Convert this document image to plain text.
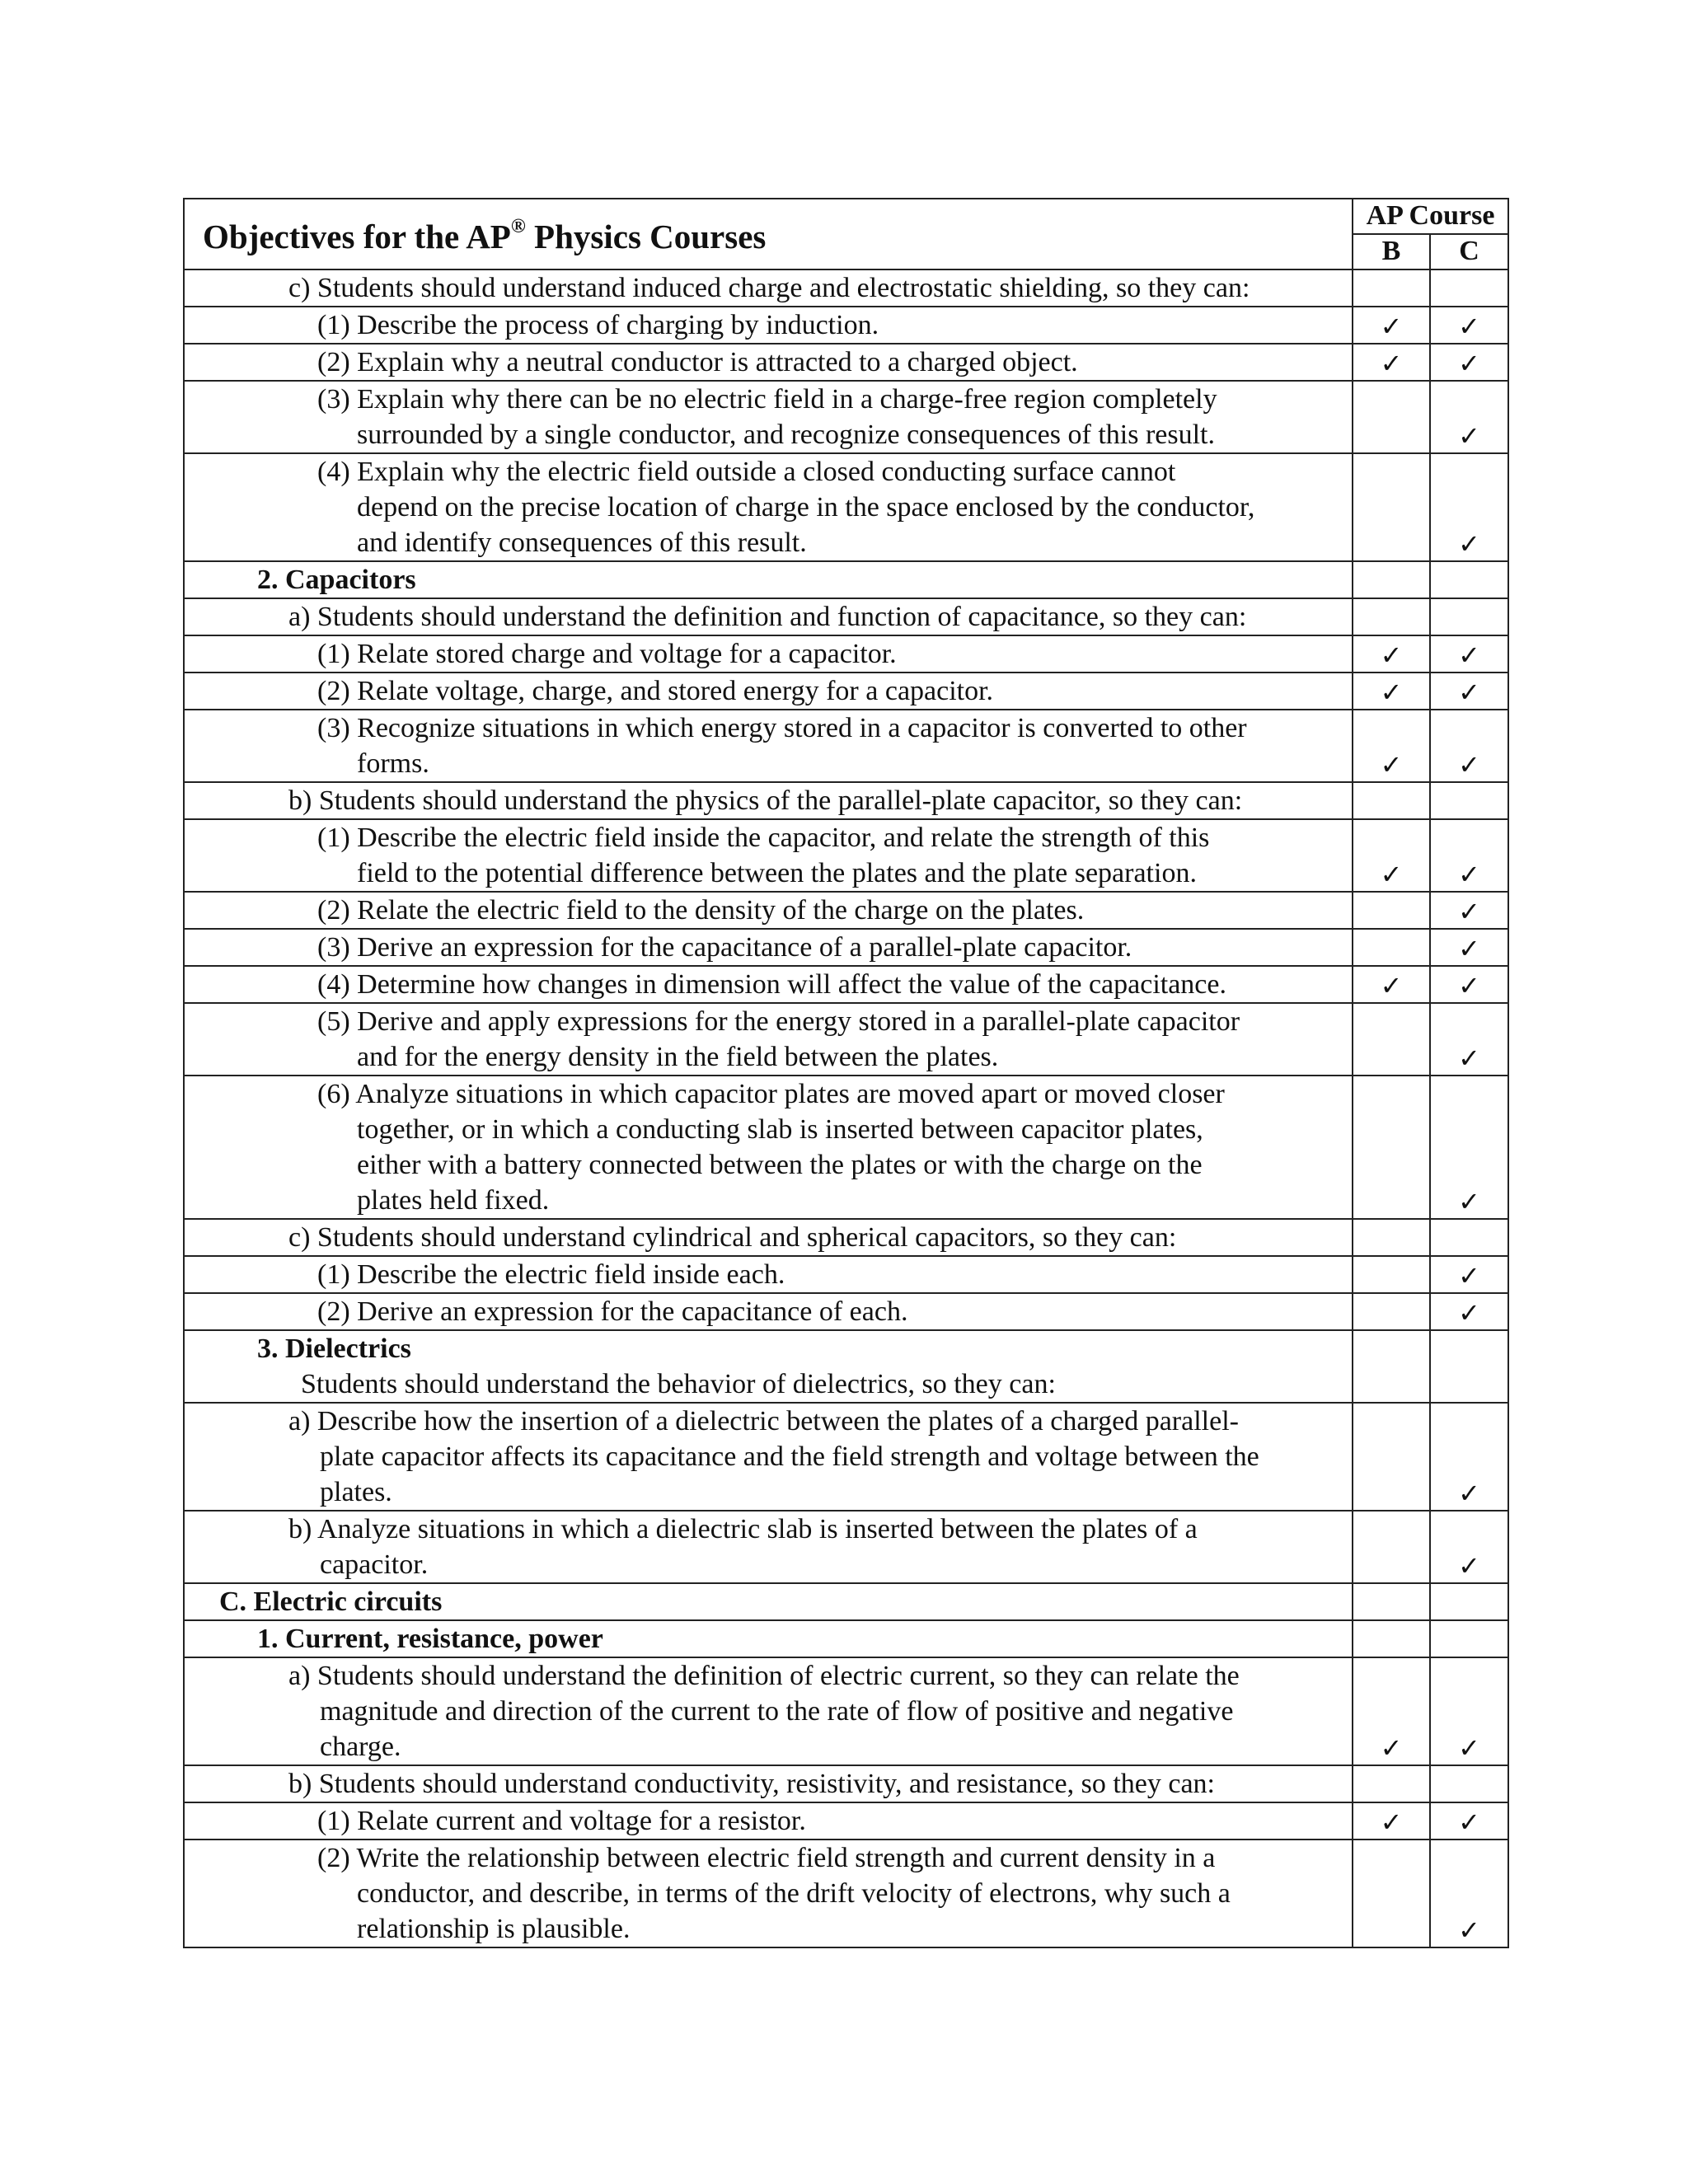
Objectives for the AP® Physics Courses	AP Course	
	B	C

c) Students should understand induced charge and electrostatic shielding, so they can:		

(1) Describe the process of charging by induction.	✓	✓

(2) Explain why a neutral conductor is attracted to a charged object.	✓	✓

(3) Explain why there can be no electric field in a charge-free region completely
surrounded by a single conductor, and recognize consequences of this result.		✓

(4) Explain why the electric field outside a closed conducting surface cannot
depend on the precise location of charge in the space enclosed by the conductor,
and identify consequences of this result.		✓

2. Capacitors		

a) Students should understand the definition and function of capacitance, so they can:		

(1) Relate stored charge and voltage for a capacitor.	✓	✓

(2) Relate voltage, charge, and stored energy for a capacitor.	✓	✓

(3) Recognize situations in which energy stored in a capacitor is converted to other
forms.	✓	✓

b) Students should understand the physics of the parallel-plate capacitor, so they can:		

(1) Describe the electric field inside the capacitor, and relate the strength of this
field to the potential difference between the plates and the plate separation.	✓	✓

(2) Relate the electric field to the density of the charge on the plates.		✓

(3) Derive an expression for the capacitance of a parallel-plate capacitor.		✓

(4) Determine how changes in dimension will affect the value of the capacitance.	✓	✓

(5) Derive and apply expressions for the energy stored in a parallel-plate capacitor
and for the energy density in the field between the plates.		✓

(6) Analyze situations in which capacitor plates are moved apart or moved closer
together, or in which a conducting slab is inserted between capacitor plates,
either with a battery connected between the plates or with the charge on the
plates held fixed.		✓

c) Students should understand cylindrical and spherical capacitors, so they can:		

(1) Describe the electric field inside each.		✓

(2) Derive an expression for the capacitance of each.		✓

3. Dielectrics
Students should understand the behavior of dielectrics, so they can:		

a) Describe how the insertion of a dielectric between the plates of a charged parallel-
plate capacitor affects its capacitance and the field strength and voltage between the
plates.		✓

b) Analyze situations in which a dielectric slab is inserted between the plates of a
capacitor.		✓

C. Electric circuits		

1. Current, resistance, power		

a) Students should understand the definition of electric current, so they can relate the
magnitude and direction of the current to the rate of flow of positive and negative
charge.	✓	✓

b) Students should understand conductivity, resistivity, and resistance, so they can:		

(1) Relate current and voltage for a resistor.	✓	✓

(2) Write the relationship between electric field strength and current density in a
conductor, and describe, in terms of the drift velocity of electrons, why such a
relationship is plausible.		✓
